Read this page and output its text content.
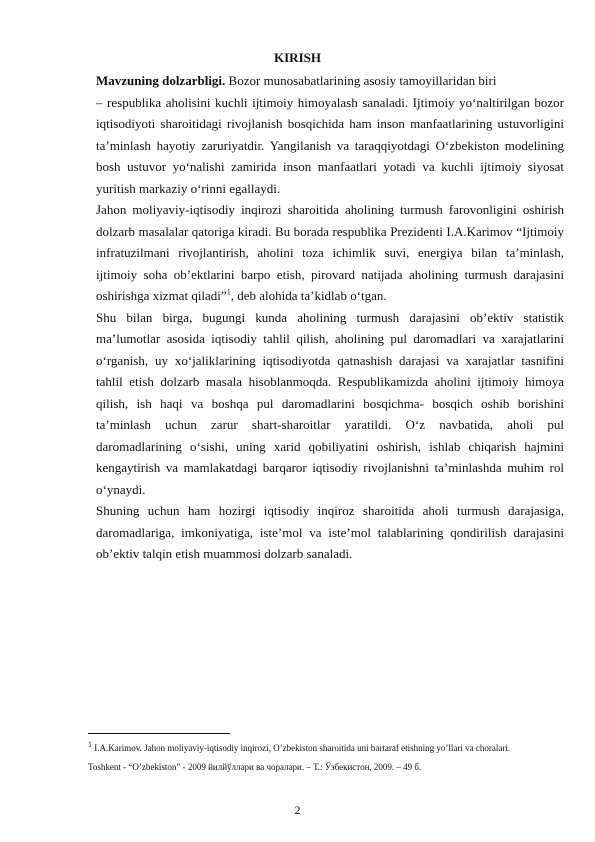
KIRISH

Mavzuning dolzarbligi. Bozor munosabatlarining asosiy tamoyillaridan biri

– respublika aholisini kuchli ijtimoiy himoyalash sanaladi. Ijtimoiy yo‘naltirilgan bozor iqtisodiyoti sharoitidagi rivojlanish bosqichida ham inson manfaatlarining ustuvorligini ta’minlash hayotiy zaruriyatdir. Yangilanish va taraqqiyotdagi O‘zbekiston modelining bosh ustuvor yo‘nalishi zamirida inson manfaatlari yotadi va kuchli ijtimoiy siyosat yuritish markaziy o‘rinni egallaydi.

Jahon moliyaviy-iqtisodiy inqirozi sharoitida aholining turmush farovonligini oshirish dolzarb masalalar qatoriga kiradi. Bu borada respublika Prezidenti I.A.Karimov “Ijtimoiy infratuzilmani rivojlantirish, aholini toza ichimlik suvi, energiya bilan ta’minlash, ijtimoiy soha ob’ektlarini barpo etish, pirovard natijada aholining turmush darajasini oshirishga xizmat qiladi”$^1$, deb alohida ta’kidlab o‘tgan.

Shu bilan birga, bugungi kunda aholining turmush darajasini ob’ektiv statistik ma’lumotlar asosida iqtisodiy tahlil qilish, aholining pul daromadlari va xarajatlarini o‘rganish, uy xo‘jaliklarining iqtisodiyotda qatnashish darajasi va xarajatlar tasnifini tahlil etish dolzarb masala hisoblanmoqda. Respublikamizda aholini ijtimoiy himoya qilish, ish haqi va boshqa pul daromadlarini bosqichma- bosqich oshib borishini ta’minlash uchun zarur shart-sharoitlar yaratildi. O‘z navbatida, aholi pul daromadlarining o‘sishi, uning xarid qobiliyatini oshirish, ishlab chiqarish hajmini kengaytirish va mamlakatdagi barqaror iqtisodiy rivojlanishni ta’minlashda muhim rol o‘ynaydi.

Shuning uchun ham hozirgi iqtisodiy inqiroz sharoitida aholi turmush darajasiga, daromadlariga, imkoniyatiga, iste’mol va iste’mol talablarining qondirilish darajasini ob’ektiv talqin etish muammosi dolzarb sanaladi.

$^1$ I.A.Karimov. Jahon moliyaviy-iqtisodiy inqirozi, O’zbekiston sharoitida uni bartaraf etishning yo’llari va choralari.

Toshkent - “O’zbekiston” - 2009 йилйўллари ва чоралари. – Т.: Ўзбекистон, 2009. – 49 б.

2
